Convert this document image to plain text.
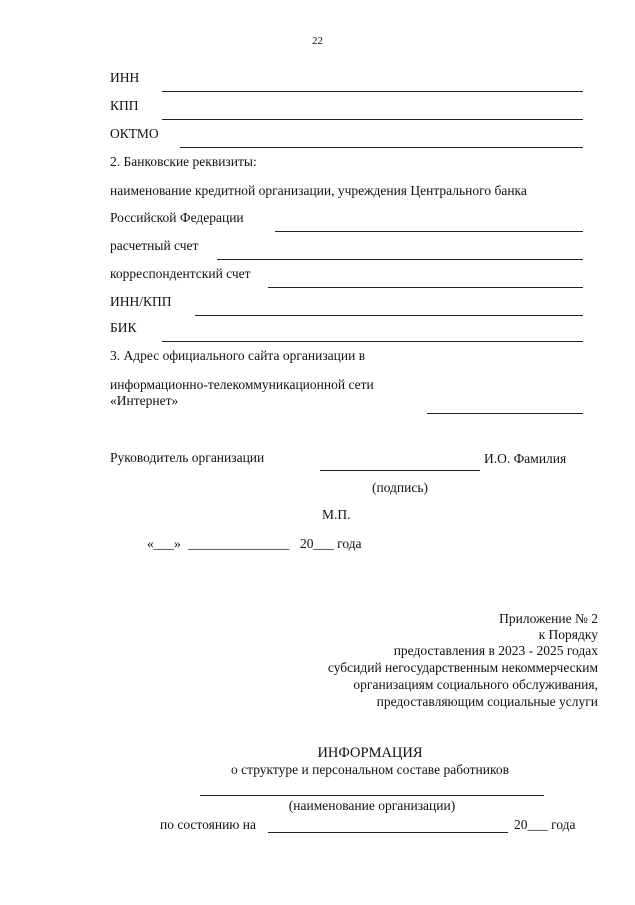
22
ИНН
КПП
ОКТМО
2. Банковские реквизиты:
наименование кредитной организации, учреждения Центрального банка
Российской Федерации
расчетный счет
корреспондентский счет
ИНН/КПП
БИК
3. Адрес официального сайта организации в
информационно-телекоммуникационной сети
«Интернет»
Руководитель организации	И.О. Фамилия
(подпись)
М.П.
«___» _______________ 20___ года
Приложение № 2
к Порядку
предоставления в 2023 - 2025 годах
субсидий негосударственным некоммерческим
организациям социального обслуживания,
предоставляющим социальные услуги
ИНФОРМАЦИЯ
о структуре и персональном составе работников
(наименование организации)
по состоянию на	20___ года
